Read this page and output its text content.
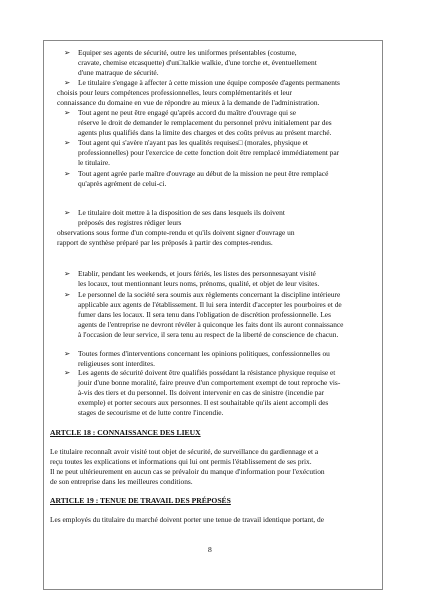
➢
➢
➢
➢
➢
➢
➢
➢
➢
➢
Equiper ses agents de sécurité, outre les uniformes présentables (costume,
cravate, chemise etcasquette) d'un□talkie walkie, d'une torche et, éventuellement
d'une matraque de sécurité.
Le titulaire s'engage à affecter à cette mission une équipe composée d'agents permanents
choisis pour leurs compétences professionnelles, leurs complémentarités et leur
connaissance du domaine en vue de répondre au mieux à la demande de l'administration.
Tout agent ne peut être engagé qu'après accord du maître d'ouvrage qui se
réserve le droit de demander le remplacement du personnel prévu initialement par des
agents plus qualifiés dans la limite des charges et des coûts prévus au présent marché.
Tout agent qui s'avère n'ayant pas les qualités requises□ (morales, physique et
professionnelles) pour l'exercice de cette fonction doit être remplacé immédiatement par
le titulaire.
Tout agent agrée parle maître d'ouvrage au début de la mission ne peut être remplacé
qu'après agrément de celui-ci.
Le titulaire doit mettre à la disposition de ses dans lesquels ils doivent
préposés des registres rédiger leurs
observations sous forme d'un compte-rendu et qu'ils doivent signer d'ouvrage un
rapport de synthèse préparé par les préposés à partir des comptes-rendus.
Etablir, pendant les weekends, et jours fériés, les listes des personnesayant visité
les locaux, tout mentionnant leurs noms, prénoms, qualité, et objet de leur visites.
Le personnel de la société sera soumis aux règlements concernant la discipline intérieure
applicable aux agents de l'établissement. Il lui sera interdit d'accepter les pourboires et de
fumer dans les locaux. Il sera tenu dans l'obligation de discrétion professionnelle. Les
agents de l'entreprise ne devront révéler à quiconque les faits dont ils auront connaissance
à l'occasion de leur service, il sera tenu au respect de la liberté de conscience de chacun.
Toutes formes d'interventions concernant les opinions politiques, confessionnelles ou
religieuses sont interdites.
Les agents de sécurité doivent être qualifiés possédant la résistance physique requise et
jouir d'une bonne moralité, faire preuve d'un comportement exempt de tout reproche vis-
à-vis des tiers et du personnel. Ils doivent intervenir en cas de sinistre (incendie par
exemple) et porter secours aux personnes. Il est souhaitable qu'ils aient accompli des
stages de secourisme et de lutte contre l'incendie.
ARTCLE 18 : CONNAISSANCE DES LIEUX
Le titulaire reconnaît avoir visité tout objet de sécurité, de surveillance du gardiennage et a
reçu toutes les explications et informations qui lui ont permis l'établissement de ses prix.
Il ne peut ultérieurement en aucun cas se prévaloir du manque d'information pour l'exécution
de son entreprise dans les meilleures conditions.
ARTICLE 19 : TENUE DE TRAVAIL DES PRÉPOSÉS
Les employés du titulaire du marché doivent porter une tenue de travail identique portant, de
8
